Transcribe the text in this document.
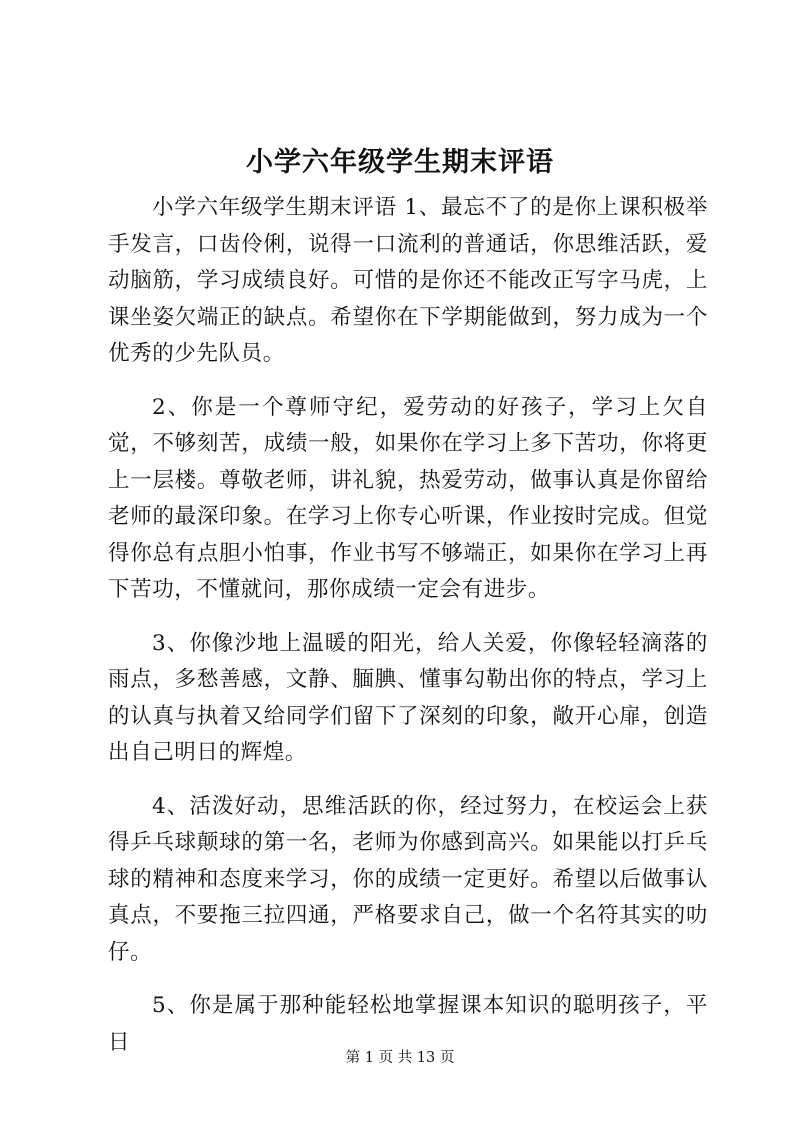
小学六年级学生期末评语

小学六年级学生期末评语 1、最忘不了的是你上课积极举手发言，口齿伶俐，说得一口流利的普通话，你思维活跃，爱动脑筋，学习成绩良好。可惜的是你还不能改正写字马虎，上课坐姿欠端正的缺点。希望你在下学期能做到，努力成为一个优秀的少先队员。

2、你是一个尊师守纪，爱劳动的好孩子，学习上欠自觉，不够刻苦，成绩一般，如果你在学习上多下苦功，你将更上一层楼。尊敬老师，讲礼貌，热爱劳动，做事认真是你留给老师的最深印象。在学习上你专心听课，作业按时完成。但觉得你总有点胆小怕事，作业书写不够端正，如果你在学习上再下苦功，不懂就问，那你成绩一定会有进步。

3、你像沙地上温暖的阳光，给人关爱，你像轻轻滴落的雨点，多愁善感，文静、腼腆、懂事勾勒出你的特点，学习上的认真与执着又给同学们留下了深刻的印象，敞开心扉，创造出自己明日的辉煌。

4、活泼好动，思维活跃的你，经过努力，在校运会上获得乒乓球颠球的第一名，老师为你感到高兴。如果能以打乒乓球的精神和态度来学习，你的成绩一定更好。希望以后做事认真点，不要拖三拉四通，严格要求自己，做一个名符其实的叻仔。

5、你是属于那种能轻松地掌握课本知识的聪明孩子，平日

第 1 页 共 13 页
